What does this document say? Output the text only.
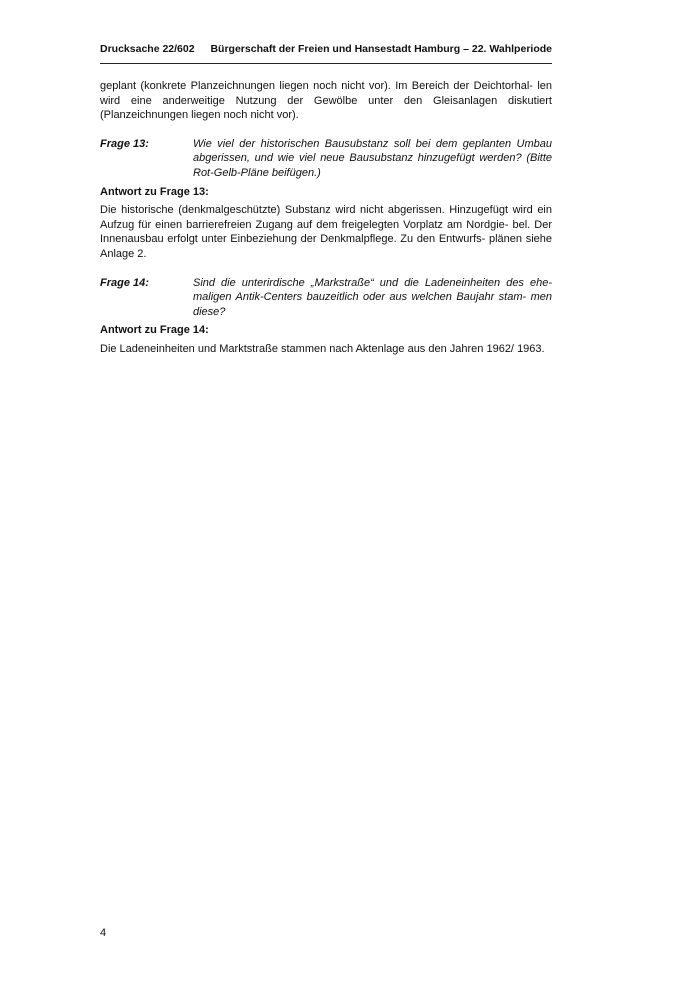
Drucksache 22/602 Bürgerschaft der Freien und Hansestadt Hamburg – 22. Wahlperiode

geplant (konkrete Planzeichnungen liegen noch nicht vor). Im Bereich der Deichtorhal- len wird eine anderweitige Nutzung der Gewölbe unter den Gleisanlagen diskutiert (Planzeichnungen liegen noch nicht vor).

Frage 13:	Wie viel der historischen Bausubstanz soll bei dem geplanten Umbau abgerissen, und wie viel neue Bausubstanz hinzugefügt werden? (Bitte Rot-Gelb-Pläne beifügen.)
Antwort zu Frage 13:

Die historische (denkmalgeschützte) Substanz wird nicht abgerissen. Hinzugefügt wird ein Aufzug für einen barrierefreien Zugang auf dem freigelegten Vorplatz am Nordgie- bel. Der Innenausbau erfolgt unter Einbeziehung der Denkmalpflege. Zu den Entwurfs- plänen siehe Anlage 2.

Frage 14:	Sind die unterirdische „Markstraße“ und die Ladeneinheiten des ehe- maligen Antik-Centers bauzeitlich oder aus welchen Baujahr stam- men diese?
Antwort zu Frage 14:

Die Ladeneinheiten und Marktstraße stammen nach Aktenlage aus den Jahren 1962/ 1963.

4
